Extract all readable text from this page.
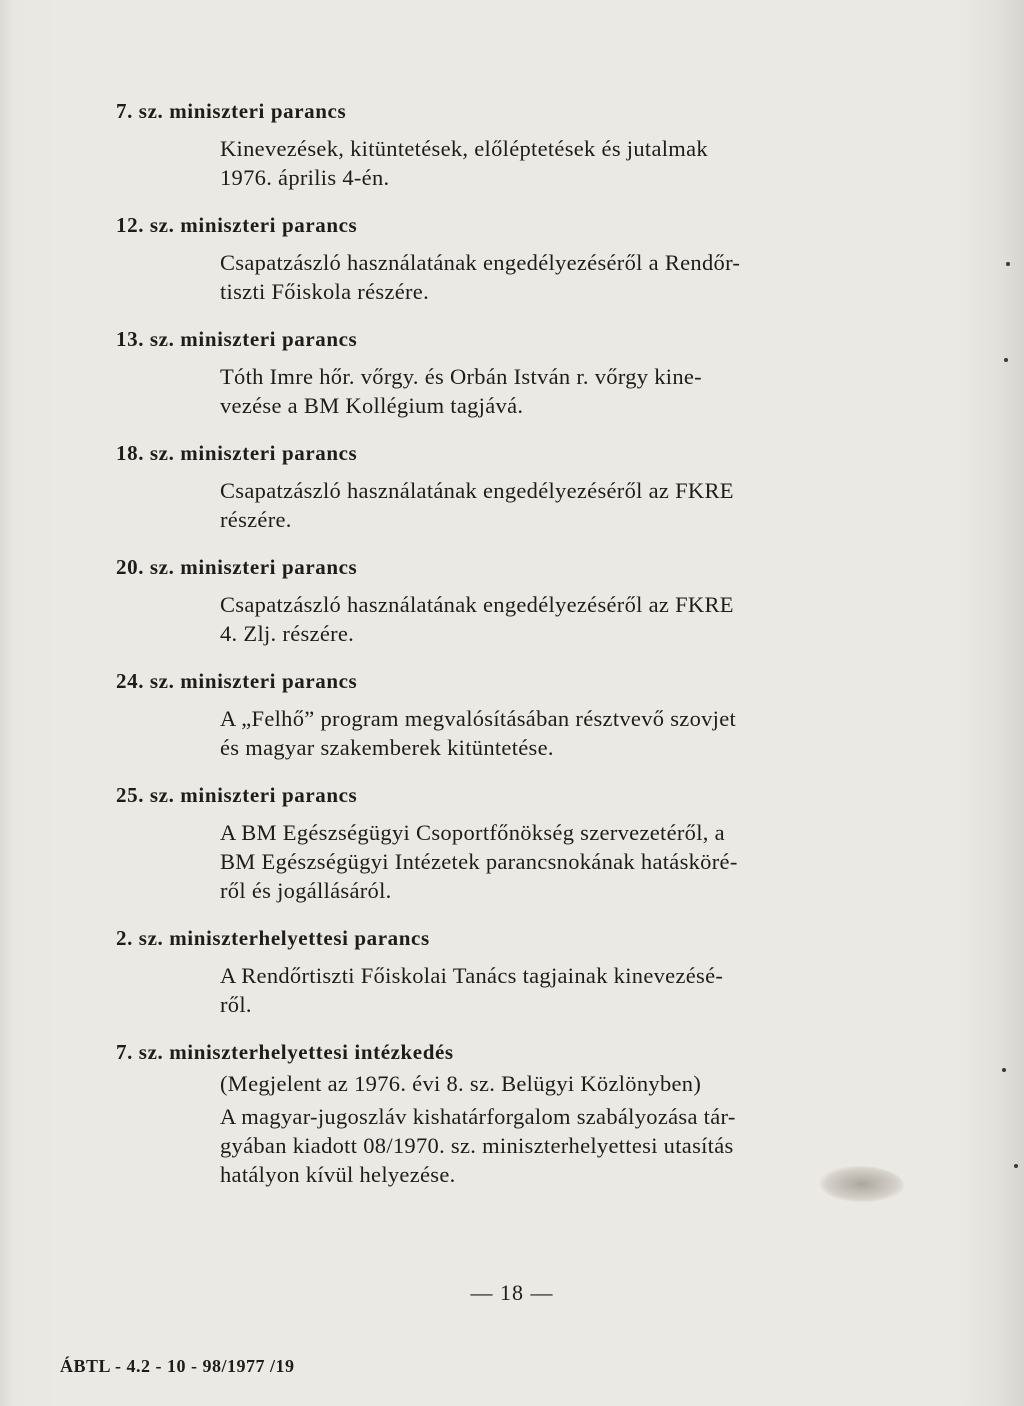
7. sz. miniszteri parancs

Kinevezések, kitüntetések, előléptetések és jutalmak
1976. április 4-én.

12. sz. miniszteri parancs

Csapatzászló használatának engedélyezéséről a Rendőr-
tiszti Főiskola részére.

13. sz. miniszteri parancs

Tóth Imre hőr. vőrgy. és Orbán István r. vőrgy kine-
vezése a BM Kollégium tagjává.

18. sz. miniszteri parancs

Csapatzászló használatának engedélyezéséről az FKRE
részére.

20. sz. miniszteri parancs

Csapatzászló használatának engedélyezéséről az FKRE
4. Zlj. részére.

24. sz. miniszteri parancs

A „Felhő” program megvalósításában résztvevő szovjet
és magyar szakemberek kitüntetése.

25. sz. miniszteri parancs

A BM Egészségügyi Csoportfőnökség szervezetéről, a
BM Egészségügyi Intézetek parancsnokának hatásköré-
ről és jogállásáról.

2. sz. miniszterhelyettesi parancs

A Rendőrtiszti Főiskolai Tanács tagjainak kinevezésé-
ről.

7. sz. miniszterhelyettesi intézkedés

(Megjelent az 1976. évi 8. sz. Belügyi Közlönyben)

A magyar-jugoszláv kishatárforgalom szabályozása tár-
gyában kiadott 08/1970. sz. miniszterhelyettesi utasítás
hatályon kívül helyezése.

— 18 —
ÁBTL - 4.2 - 10 - 98/1977 /19
